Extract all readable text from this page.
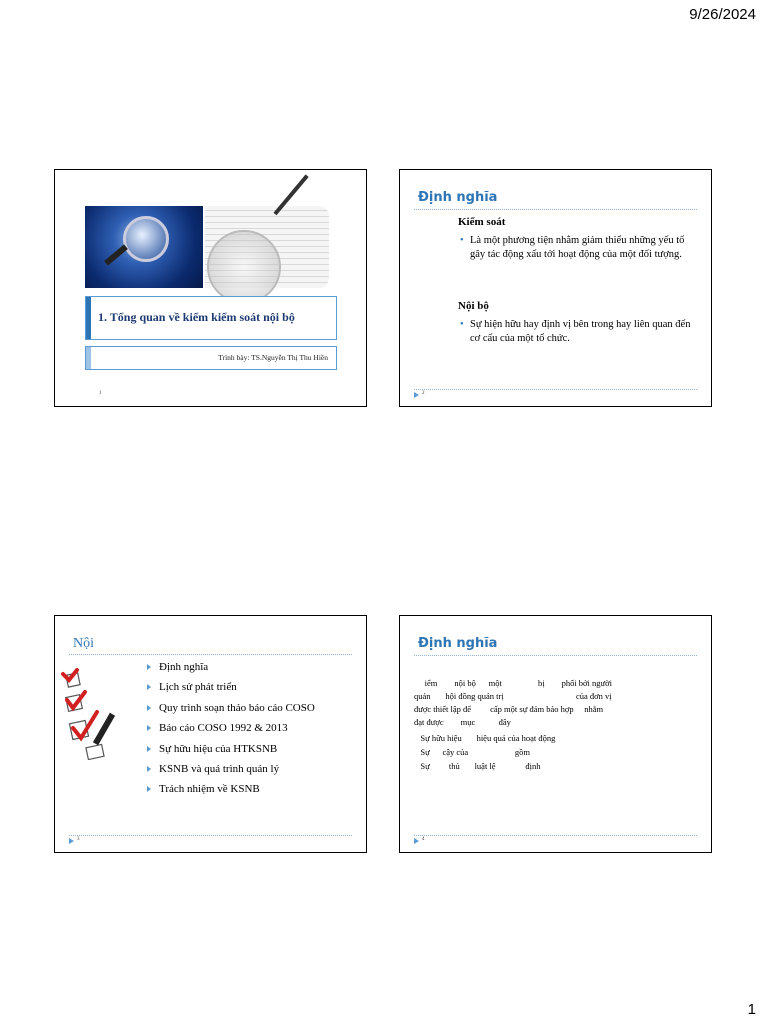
9/26/2024
1. Tổng quan về kiểm kiểm soát nội bộ
Trình bày: TS.Nguyễn Thị Thu Hiền
1
Định nghĩa
Kiểm soát
• Là một phương tiện nhằm giảm thiểu những yếu tố gây tác động xấu tới hoạt động của một đối tượng.
Nội bộ
• Sự hiện hữu hay định vị bên trong hay liên quan đến cơ cấu của một tổ chức.
2
Nội
Định nghĩa
Lịch sử phát triển
Quy trình soạn thảo báo cáo COSO
Báo cáo COSO 1992 & 2013
Sự hữu hiệu của HTKSNB
KSNB và quá trình quản lý
Trách nhiệm về KSNB
3
Định nghĩa
iểm        nội bộ      một                 bị        phối bởi người
quản       hội đồng quản trị                                  của đơn vị
được thiết lập để         cấp một sự đảm bảo hợp     nhằm
đạt được        mục           đây
Sự hữu hiệu       hiệu quả của hoạt động
Sự      cậy của                      gồm
Sự         thủ       luật lệ              định
4
1
